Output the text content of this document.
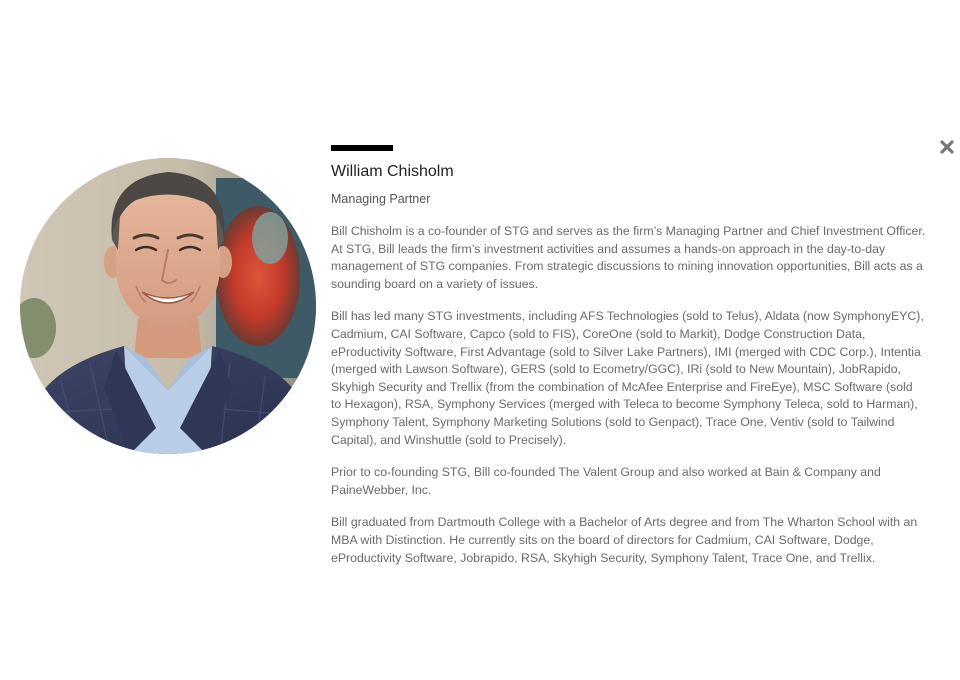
William Chisholm
Managing Partner

Bill Chisholm is a co-founder of STG and serves as the firm’s Managing Partner and Chief Investment Officer. At STG, Bill leads the firm’s investment activities and assumes a hands-on approach in the day-to-day management of STG companies. From strategic discussions to mining innovation opportunities, Bill acts as a sounding board on a variety of issues.

Bill has led many STG investments, including AFS Technologies (sold to Telus), Aldata (now SymphonyEYC), Cadmium, CAI Software, Capco (sold to FIS), CoreOne (sold to Markit), Dodge Construction Data, eProductivity Software, First Advantage (sold to Silver Lake Partners), IMI (merged with CDC Corp.), Intentia (merged with Lawson Software), GERS (sold to Ecometry/GGC), IRi (sold to New Mountain), JobRapido, Skyhigh Security and Trellix (from the combination of McAfee Enterprise and FireEye), MSC Software (sold to Hexagon), RSA, Symphony Services (merged with Teleca to become Symphony Teleca, sold to Harman), Symphony Talent, Symphony Marketing Solutions (sold to Genpact), Trace One, Ventiv (sold to Tailwind Capital), and Winshuttle (sold to Precisely).

Prior to co-founding STG, Bill co-founded The Valent Group and also worked at Bain & Company and PaineWebber, Inc.

Bill graduated from Dartmouth College with a Bachelor of Arts degree and from The Wharton School with an MBA with Distinction. He currently sits on the board of directors for Cadmium, CAI Software, Dodge, eProductivity Software, Jobrapido, RSA, Skyhigh Security, Symphony Talent, Trace One, and Trellix.
